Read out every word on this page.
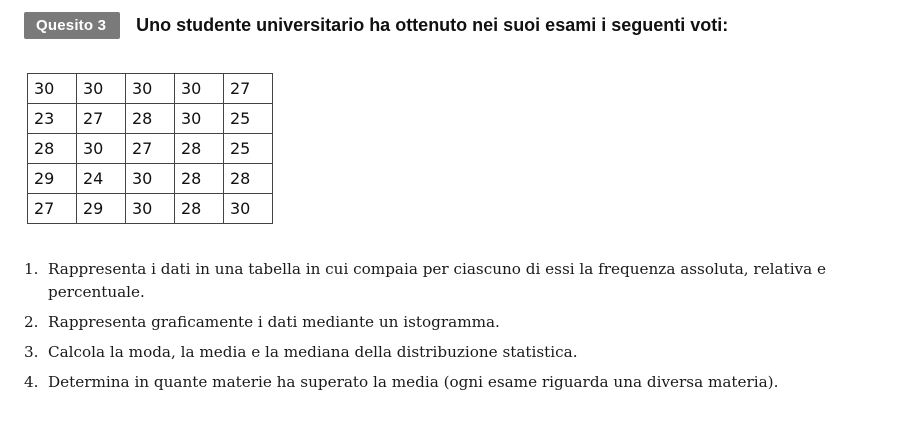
Quesito 3	Uno studente universitario ha ottenuto nei suoi esami i seguenti voti:
30	30	30	30	27
23	27	28	30	25
28	30	27	28	25
29	24	30	28	28
27	29	30	28	30
1. Rappresenta i dati in una tabella in cui compaia per ciascuno di essi la frequenza assoluta, relativa e percentuale.
2. Rappresenta graficamente i dati mediante un istogramma.
3. Calcola la moda, la media e la mediana della distribuzione statistica.
4. Determina in quante materie ha superato la media (ogni esame riguarda una diversa materia).
